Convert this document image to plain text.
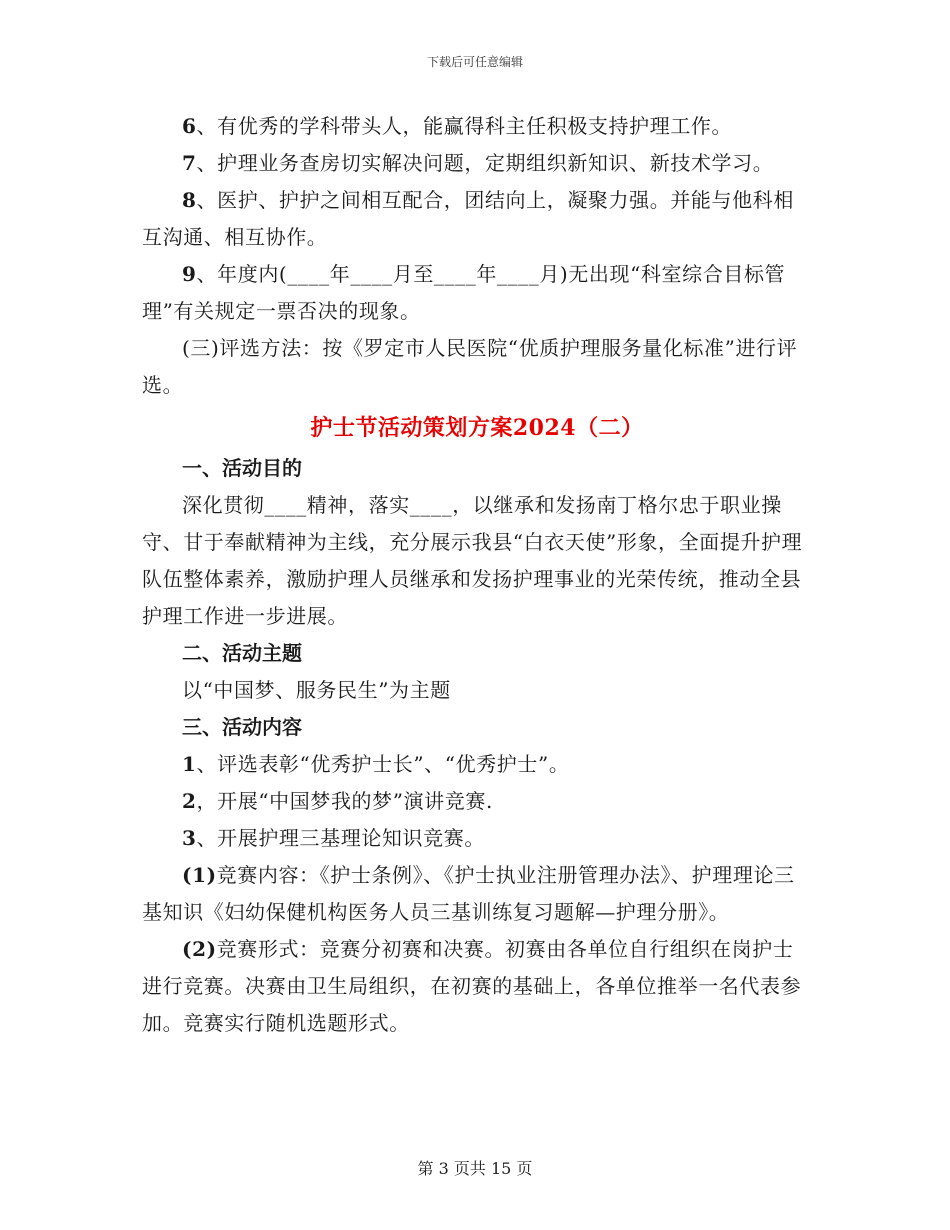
下载后可任意编辑

6、有优秀的学科带头人，能赢得科主任积极支持护理工作。

7、护理业务查房切实解决问题，定期组织新知识、新技术学习。

8、医护、护护之间相互配合，团结向上，凝聚力强。并能与他科相互沟通、相互协作。

9、年度内(____年____月至____年____月)无出现“科室综合目标管理”有关规定一票否决的现象。

(三)评选方法：按《罗定市人民医院“优质护理服务量化标准”进行评选。

护士节活动策划方案2024（二）

一、活动目的

深化贯彻____精神，落实____，以继承和发扬南丁格尔忠于职业操守、甘于奉献精神为主线，充分展示我县“白衣天使”形象，全面提升护理队伍整体素养，激励护理人员继承和发扬护理事业的光荣传统，推动全县护理工作进一步进展。

二、活动主题

以“中国梦、服务民生”为主题

三、活动内容

1、评选表彰“优秀护士长”、“优秀护士”。

2，开展“中国梦我的梦”演讲竞赛.

3、开展护理三基理论知识竞赛。

(1)竞赛内容：《护士条例》、《护士执业注册管理办法》、护理理论三基知识《妇幼保健机构医务人员三基训练复习题解—护理分册》。

(2)竞赛形式：竞赛分初赛和决赛。初赛由各单位自行组织在岗护士进行竞赛。决赛由卫生局组织，在初赛的基础上，各单位推举一名代表参加。竞赛实行随机选题形式。

第 3 页共 15 页
